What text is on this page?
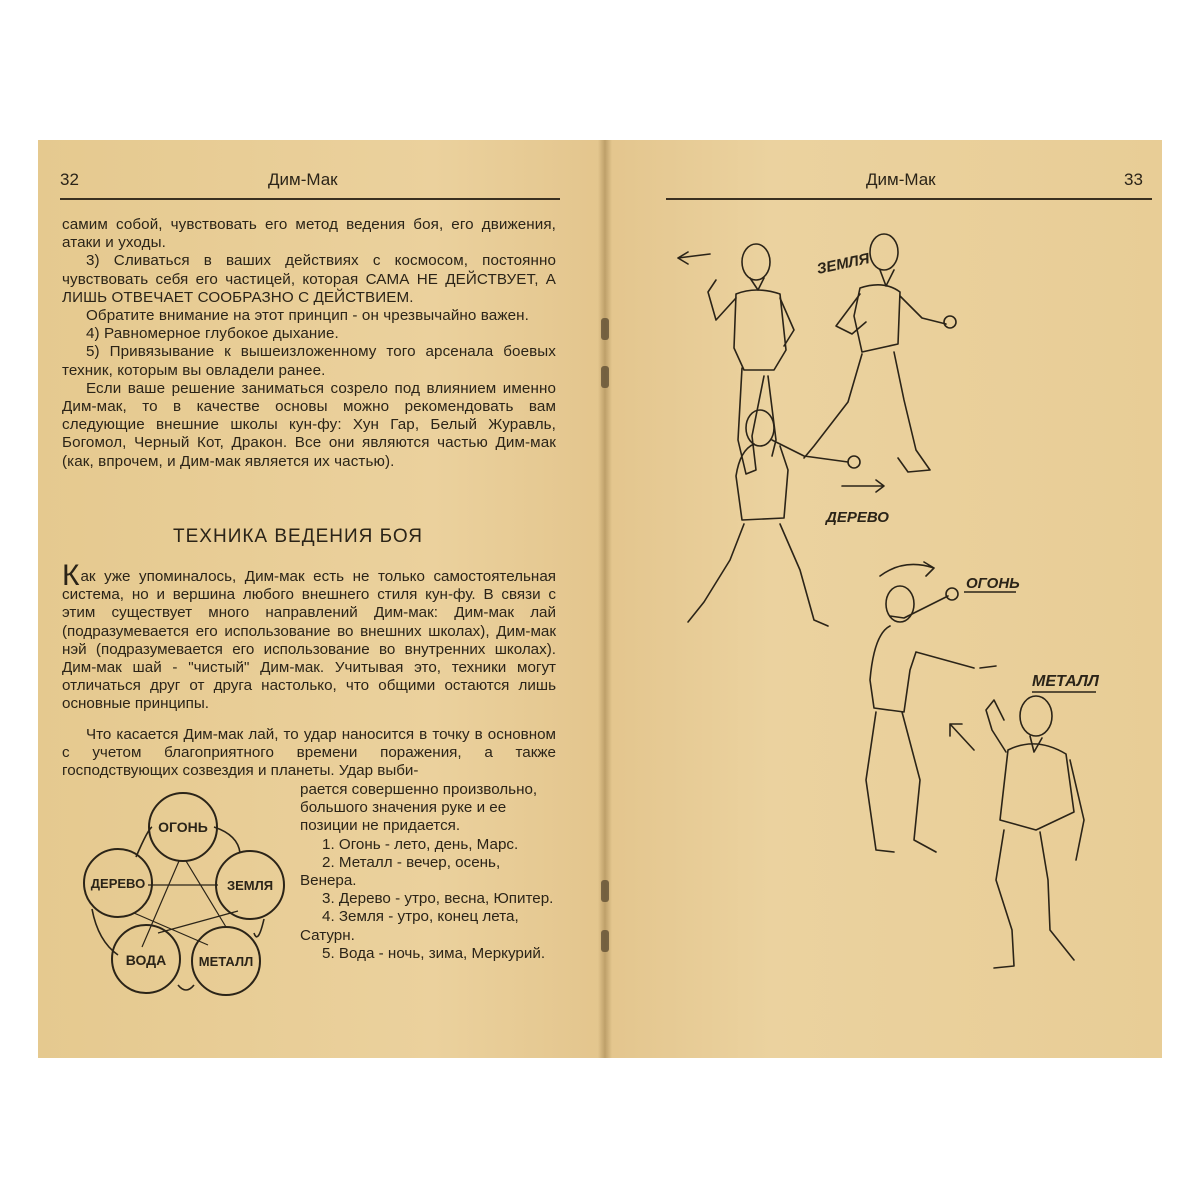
32	Дим-Мак

самим собой, чувствовать его метод ведения боя, его движения, атаки и уходы.

3) Сливаться в ваших действиях с космосом, постоянно чувствовать себя его частицей, которая САМА НЕ ДЕЙСТВУЕТ, А ЛИШЬ ОТВЕЧАЕТ СООБРАЗНО С ДЕЙСТВИЕМ.

Обратите внимание на этот принцип - он чрезвычайно важен.

4) Равномерное глубокое дыхание.

5) Привязывание к вышеизложенному того арсенала боевых техник, которым вы овладели ранее.

Если ваше решение заниматься созрело под влиянием именно Дим-мак, то в качестве основы можно рекомендовать вам следующие внешние школы кун-фу: Хун Гар, Белый Журавль, Богомол, Черный Кот, Дракон. Все они являются частью Дим-мак (как, впрочем, и Дим-мак является их частью).

ТЕХНИКА ВЕДЕНИЯ БОЯ

Как уже упоминалось, Дим-мак есть не только самостоятельная система, но и вершина любого внешнего стиля кун-фу. В связи с этим существует много направлений Дим-мак: Дим-мак лай (подразумевается его использование во внешних школах), Дим-мак нэй (подразумевается его использование во внутренних школах). Дим-мак шай - "чистый" Дим-мак. Учитывая это, техники могут отличаться друг от друга настолько, что общими остаются лишь основные принципы.

Что касается Дим-мак лай, то удар наносится в точку в основном с учетом благоприятного времени поражения, а также господствующих созвездия и планеты. Удар выби-

рается совершенно произвольно, большого значения руке и ее позиции не придается.

1. Огонь - лето, день, Марс.

2. Металл - вечер, осень, Венера.

3. Дерево - утро, весна, Юпитер.

4. Земля - утро, конец лета, Сатурн.

5. Вода - ночь, зима, Меркурий.

ОГОНЬ
ДЕРЕВО	ЗЕМЛЯ
ВОДА	МЕТАЛЛ
Дим-Мак	33
ЗЕМЛЯ
ДЕРЕВО
ОГОНЬ
МЕТАЛЛ
